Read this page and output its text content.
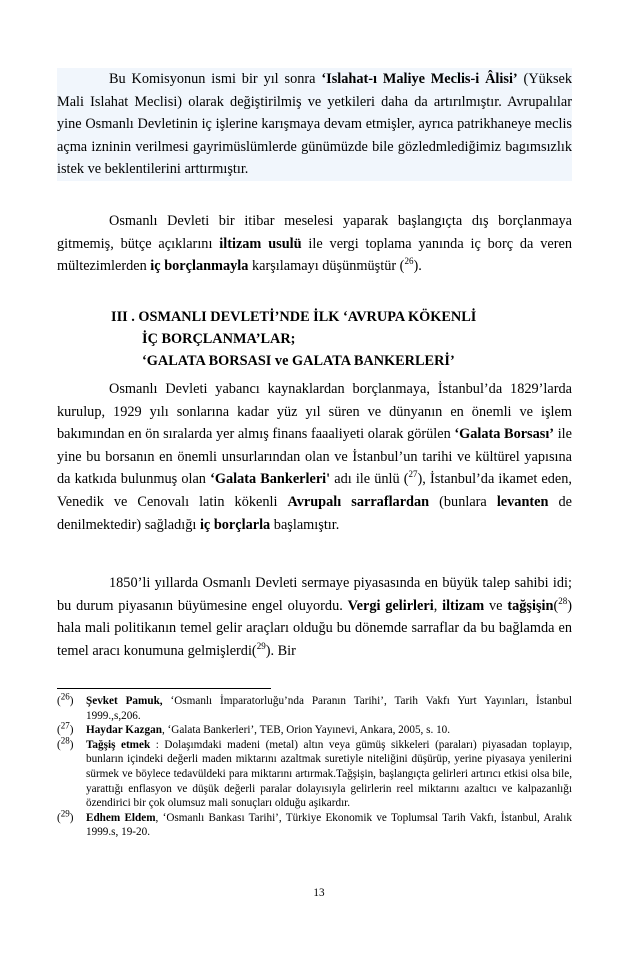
Bu Komisyonun ismi bir yıl sonra ‘Islahat-ı Maliye Meclis-i Âlisi’ (Yüksek Mali Islahat Meclisi) olarak değiştirilmiş ve yetkileri daha da artırılmıştır. Avrupalılar yine Osmanlı Devletinin iç işlerine karışmaya devam etmişler, ayrıca patrikhaneye meclis açma izninin verilmesi gayrimüslümlerde günümüzde bile gözledmlediğimiz bagımsızlık istek ve beklentilerini arttırmıştır.
Osmanlı Devleti bir itibar meselesi yaparak başlangıçta dış borçlanmaya gitmemiş, bütçe açıklarını iltizam usulü ile vergi toplama yanında iç borç da veren mültezimlerden iç borçlanmayla karşılamayı düşünmüştür ($^{26}$).
III . OSMANLI DEVLETİ’NDE İLK ‘AVRUPA KÖKENLİ
İÇ BORÇLANMA’LAR;
‘GALATA BORSASI ve GALATA BANKERLERİ’
Osmanlı Devleti yabancı kaynaklardan borçlanmaya, İstanbul’da 1829’larda kurulup, 1929 yılı sonlarına kadar yüz yıl süren ve dünyanın en önemli ve işlem bakımından en ön sıralarda yer almış finans faaaliyeti olarak görülen ‘Galata Borsası’ ile yine bu borsanın en önemli unsurlarından olan ve İstanbul’un tarihi ve kültürel yapısına da katkıda bulunmuş olan ‘Galata Bankerleri' adı ile ünlü ($^{27}$), İstanbul’da ikamet eden, Venedik ve Cenovalı latin kökenli Avrupalı sarraflardan (bunlara levanten de denilmektedir) sağladığı iç borçlarla başlamıştır.
1850’li yıllarda Osmanlı Devleti sermaye piyasasında en büyük talep sahibi idi; bu durum piyasanın büyümesine engel oluyordu. Vergi gelirleri, iltizam ve tağşişin($^{28}$) hala mali politikanın temel gelir araçları olduğu bu dönemde sarraflar da bu bağlamda en temel aracı konumuna gelmişlerdi($^{29}$). Bir
($^{26}$) Şevket Pamuk, ‘Osmanlı İmparatorluğu’nda Paranın Tarihi’, Tarih Vakfı Yurt Yayınları, İstanbul 1999.,s,206.
($^{27}$) Haydar Kazgan, ‘Galata Bankerleri’, TEB, Orion Yayınevi, Ankara, 2005, s. 10.
($^{28}$) Tağşiş etmek : Dolaşımdaki madeni (metal) altın veya gümüş sikkeleri (paraları) piyasadan toplayıp, bunların içindeki değerli maden miktarını azaltmak suretiyle niteliğini düşürüp, yerine piyasaya yenilerini sürmek ve böylece tedavüldeki para miktarını artırmak.Tağşişin, başlangıçta gelirleri artırıcı etkisi olsa bile, yarattığı enflasyon ve düşük değerli paralar dolayısıyla gelirlerin reel miktarını azaltıcı ve kalpazanlığı özendirici bir çok olumsuz mali sonuçları olduğu aşikardır.
($^{29}$) Edhem Eldem, ‘Osmanlı Bankası Tarihi’, Türkiye Ekonomik ve Toplumsal Tarih Vakfı, İstanbul, Aralık 1999.s, 19-20.
13
